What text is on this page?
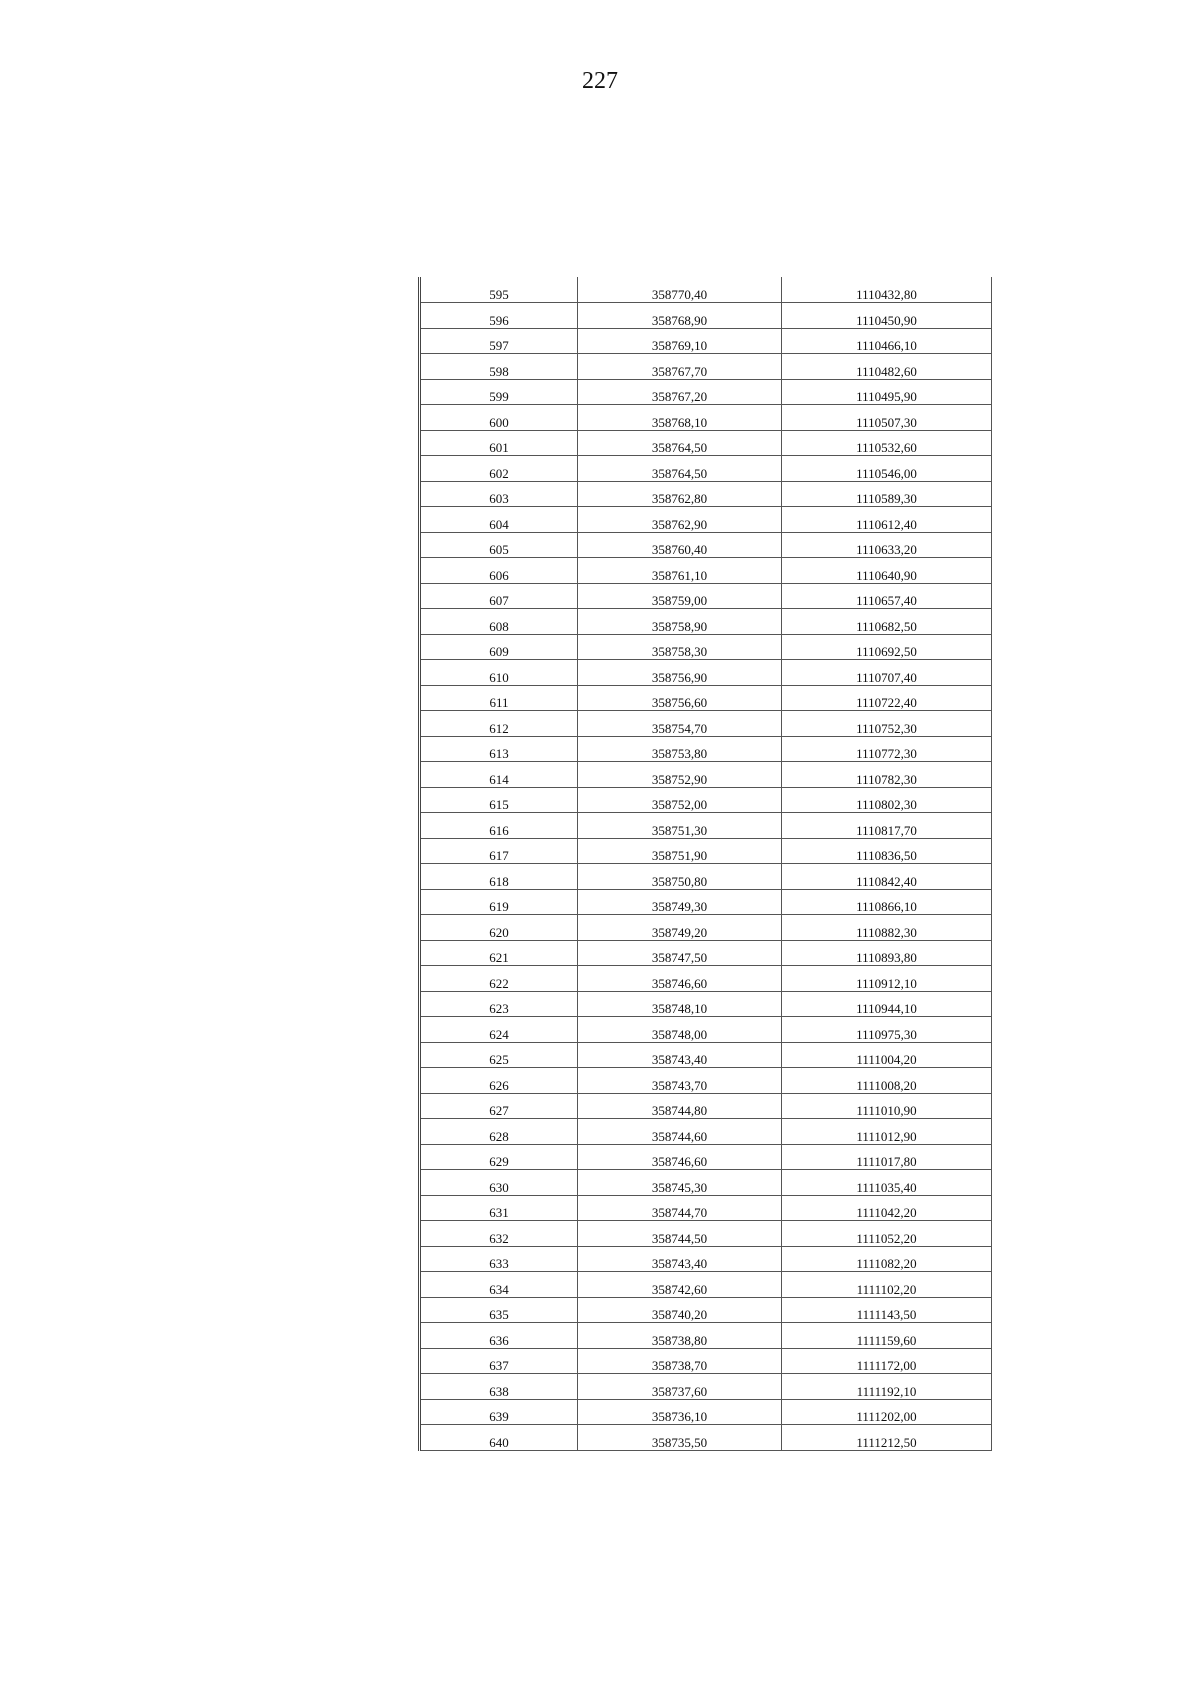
227
595	358770,40	1110432,80
596	358768,90	1110450,90
597	358769,10	1110466,10
598	358767,70	1110482,60
599	358767,20	1110495,90
600	358768,10	1110507,30
601	358764,50	1110532,60
602	358764,50	1110546,00
603	358762,80	1110589,30
604	358762,90	1110612,40
605	358760,40	1110633,20
606	358761,10	1110640,90
607	358759,00	1110657,40
608	358758,90	1110682,50
609	358758,30	1110692,50
610	358756,90	1110707,40
611	358756,60	1110722,40
612	358754,70	1110752,30
613	358753,80	1110772,30
614	358752,90	1110782,30
615	358752,00	1110802,30
616	358751,30	1110817,70
617	358751,90	1110836,50
618	358750,80	1110842,40
619	358749,30	1110866,10
620	358749,20	1110882,30
621	358747,50	1110893,80
622	358746,60	1110912,10
623	358748,10	1110944,10
624	358748,00	1110975,30
625	358743,40	1111004,20
626	358743,70	1111008,20
627	358744,80	1111010,90
628	358744,60	1111012,90
629	358746,60	1111017,80
630	358745,30	1111035,40
631	358744,70	1111042,20
632	358744,50	1111052,20
633	358743,40	1111082,20
634	358742,60	1111102,20
635	358740,20	1111143,50
636	358738,80	1111159,60
637	358738,70	1111172,00
638	358737,60	1111192,10
639	358736,10	1111202,00
640	358735,50	1111212,50
